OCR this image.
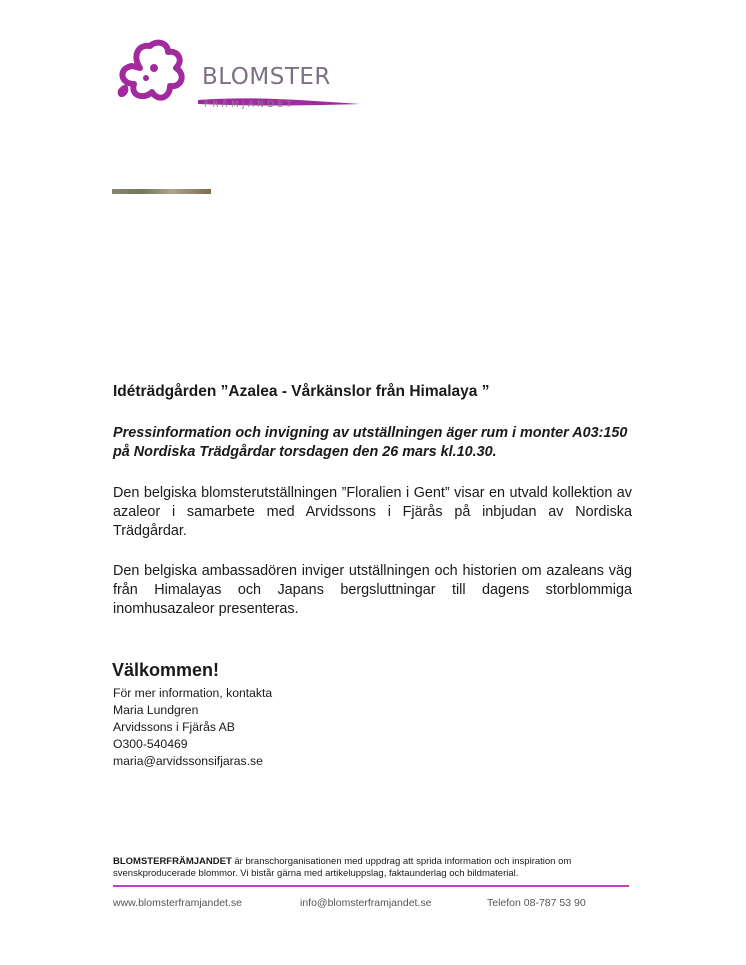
BLOMSTER
FRÄMJANDET
Idéträdgården ”Azalea - Vårkänslor från Himalaya ”

Pressinformation och invigning av utställningen äger rum i monter A03:150 på Nordiska Trädgårdar torsdagen den 26 mars kl.10.30.

Den belgiska blomsterutställningen ”Floralien i Gent” visar en utvald kollektion av azaleor i samarbete med Arvidssons i Fjärås på inbjudan av Nordiska Trädgårdar.

Den belgiska ambassadören inviger utställningen och historien om azaleans väg från Himalayas och Japans bergsluttningar till dagens storblommiga inomhusazaleor presenteras.

Välkommen!
För mer information, kontakta
Maria Lundgren
Arvidssons i Fjärås AB
O300-540469
maria@arvidssonsifjaras.se

BLOMSTERFRÄMJANDET är branschorganisationen med uppdrag att sprida information och inspiration om svenskproducerade blommor. Vi bistår gärna med artikeluppslag, faktaunderlag och bildmaterial.

www.blomsterframjandet.se	info@blomsterframjandet.se	Telefon 08-787 53 90
